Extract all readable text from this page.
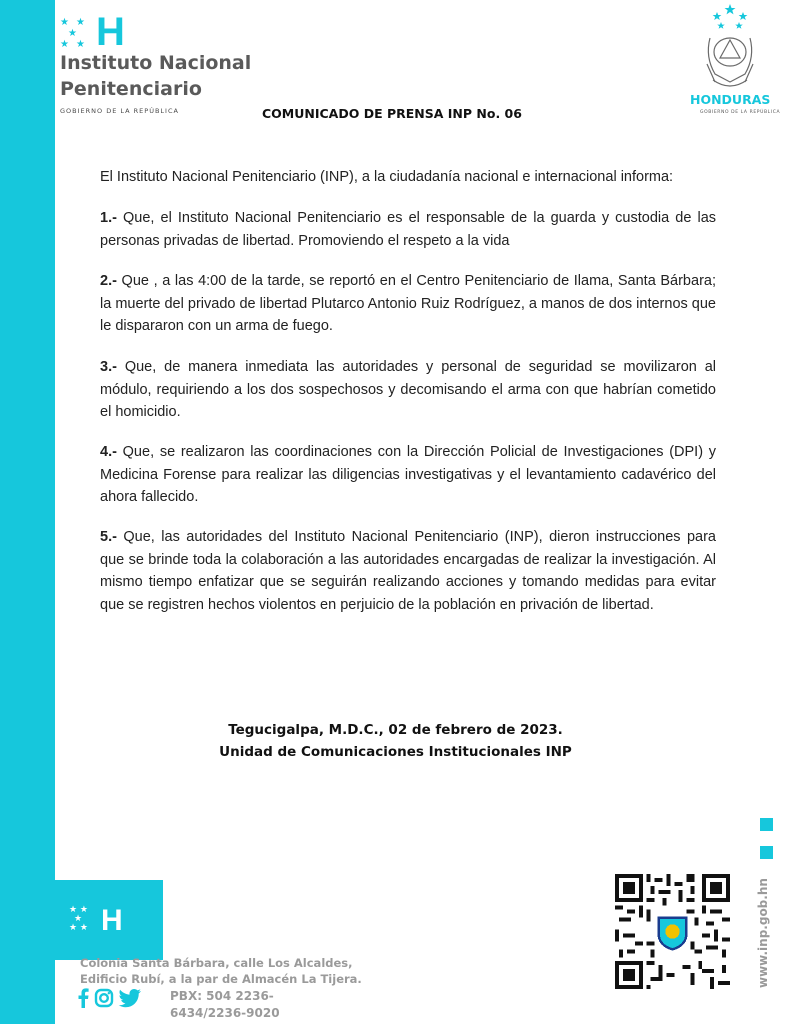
★ ★
★
★ ★ H
Instituto Nacional
Penitenciario
GOBIERNO DE LA REPÚBLICA	COMUNICADO DE PRENSA INP No. 06
HONDURAS
GOBIERNO DE LA REPÚBLICA
El Instituto Nacional Penitenciario (INP), a la ciudadanía nacional e internacional informa:
1.- Que, el Instituto Nacional Penitenciario es el responsable de la guarda y custodia de las personas privadas de libertad. Promoviendo el respeto a la vida
2.- Que , a las 4:00 de la tarde, se reportó en el Centro Penitenciario de Ilama, Santa Bárbara; la muerte del privado de libertad Plutarco Antonio Ruiz Rodríguez, a manos de dos internos que le dispararon con un arma de fuego.
3.- Que, de manera inmediata las autoridades y personal de seguridad se movilizaron al módulo, requiriendo a los dos sospechosos y decomisando el arma con que habrían cometido el homicidio.
4.- Que, se realizaron las coordinaciones con la Dirección Policial de Investigaciones (DPI) y Medicina Forense para realizar las diligencias investigativas y el levantamiento cadavérico del ahora fallecido.
5.- Que, las autoridades del Instituto Nacional Penitenciario (INP), dieron instrucciones para que se brinde toda la colaboración a las autoridades encargadas de realizar la investigación. Al mismo tiempo enfatizar que se seguirán realizando acciones y tomando medidas para evitar que se registren hechos violentos en perjuicio de la población en privación de libertad.
Tegucigalpa, M.D.C., 02 de febrero de 2023.
Unidad de Comunicaciones Institucionales INP
★ ★
★
★ ★ H
Colonia Santa Bárbara, calle Los Alcaldes, Edificio Rubí, a la par de Almacén La Tijera.
PBX: 504 2236-6434/2236-9020
www.inp.gob.hn
